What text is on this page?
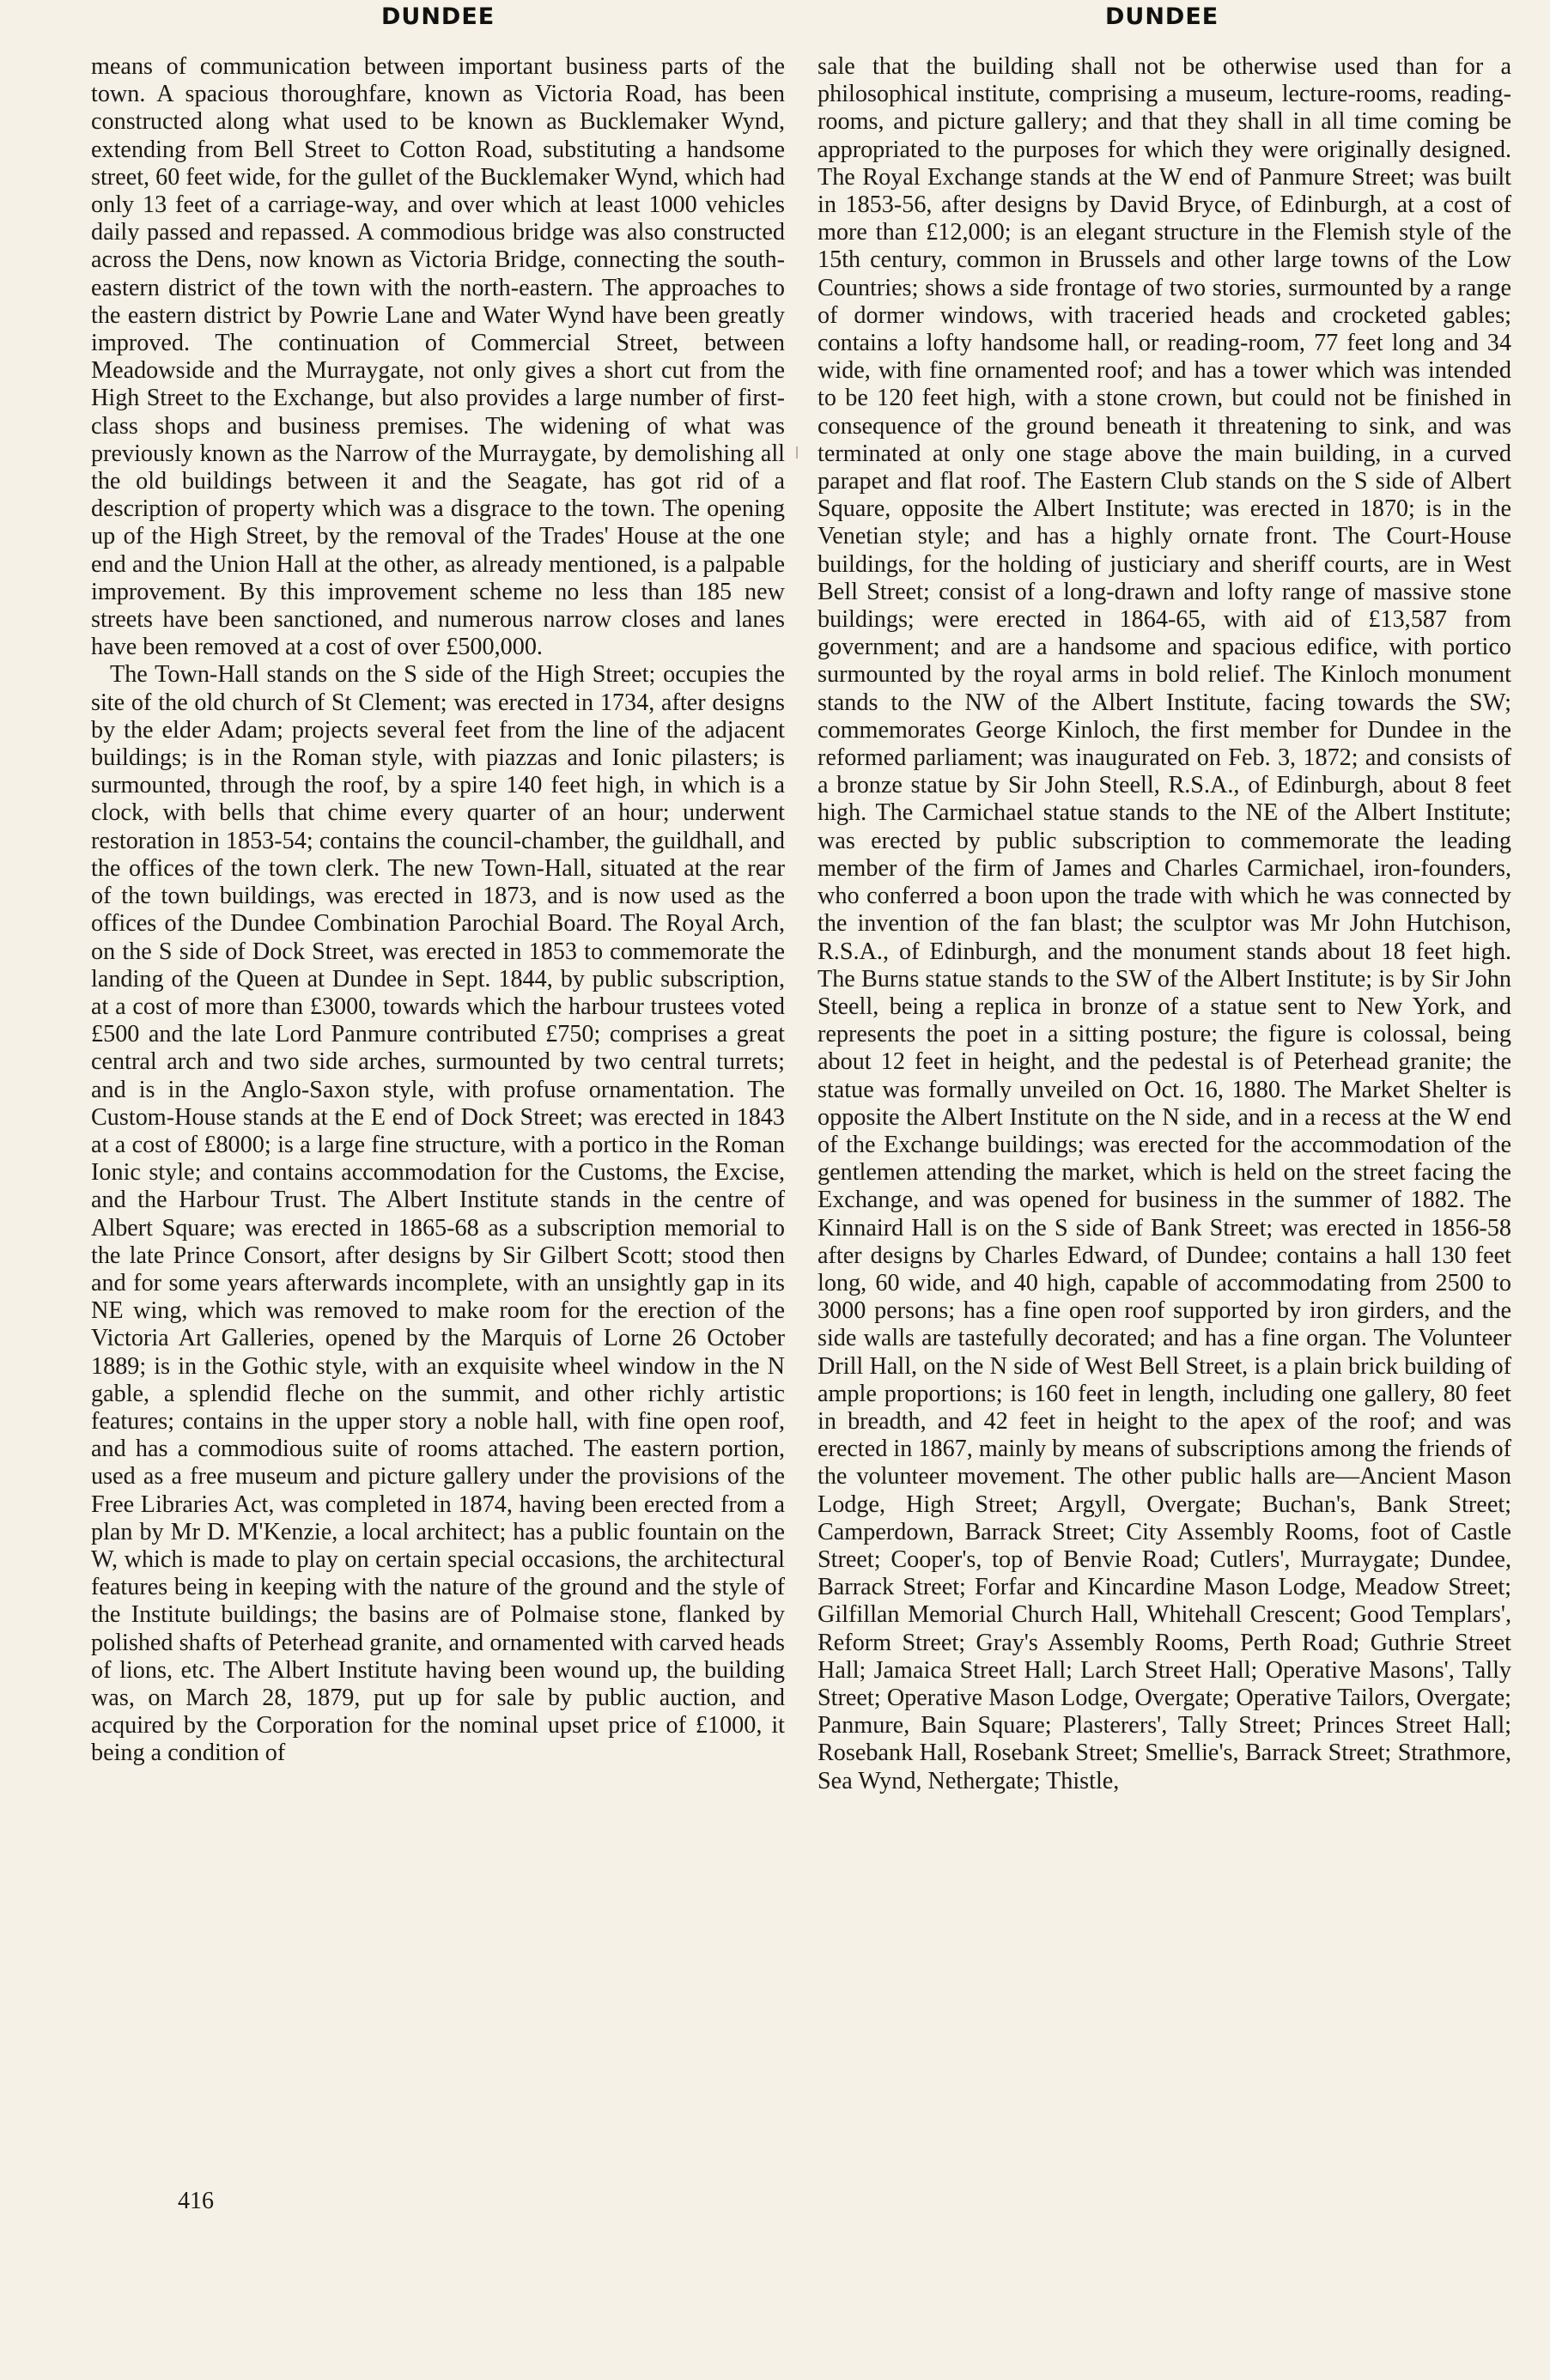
DUNDEE	DUNDEE

means of communication between important business parts of the town. A spacious thoroughfare, known as Victoria Road, has been constructed along what used to be known as Bucklemaker Wynd, extending from Bell Street to Cotton Road, substituting a handsome street, 60 feet wide, for the gullet of the Bucklemaker Wynd, which had only 13 feet of a carriage-way, and over which at least 1000 vehicles daily passed and repassed. A commodious bridge was also constructed across the Dens, now known as Victoria Bridge, connecting the south-eastern district of the town with the north-eastern. The approaches to the eastern district by Powrie Lane and Water Wynd have been greatly improved. The continuation of Commercial Street, between Meadowside and the Murraygate, not only gives a short cut from the High Street to the Exchange, but also provides a large number of first-class shops and business premises. The widening of what was previously known as the Narrow of the Murraygate, by demolishing all the old buildings between it and the Seagate, has got rid of a description of property which was a disgrace to the town. The opening up of the High Street, by the removal of the Trades' House at the one end and the Union Hall at the other, as already mentioned, is a palpable improvement. By this improvement scheme no less than 185 new streets have been sanctioned, and numerous narrow closes and lanes have been removed at a cost of over £500,000.

The Town-Hall stands on the S side of the High Street; occupies the site of the old church of St Clement; was erected in 1734, after designs by the elder Adam; projects several feet from the line of the adjacent buildings; is in the Roman style, with piazzas and Ionic pilasters; is surmounted, through the roof, by a spire 140 feet high, in which is a clock, with bells that chime every quarter of an hour; underwent restoration in 1853-54; contains the council-chamber, the guildhall, and the offices of the town clerk. The new Town-Hall, situated at the rear of the town buildings, was erected in 1873, and is now used as the offices of the Dundee Combination Parochial Board. The Royal Arch, on the S side of Dock Street, was erected in 1853 to commemorate the landing of the Queen at Dundee in Sept. 1844, by public subscription, at a cost of more than £3000, towards which the harbour trustees voted £500 and the late Lord Panmure contributed £750; comprises a great central arch and two side arches, surmounted by two central turrets; and is in the Anglo-Saxon style, with profuse ornamentation. The Custom-House stands at the E end of Dock Street; was erected in 1843 at a cost of £8000; is a large fine structure, with a portico in the Roman Ionic style; and contains accommodation for the Customs, the Excise, and the Harbour Trust. The Albert Institute stands in the centre of Albert Square; was erected in 1865-68 as a subscription memorial to the late Prince Consort, after designs by Sir Gilbert Scott; stood then and for some years afterwards incomplete, with an unsightly gap in its NE wing, which was removed to make room for the erection of the Victoria Art Galleries, opened by the Marquis of Lorne 26 October 1889; is in the Gothic style, with an exquisite wheel window in the N gable, a splendid fleche on the summit, and other richly artistic features; contains in the upper story a noble hall, with fine open roof, and has a commodious suite of rooms attached. The eastern portion, used as a free museum and picture gallery under the provisions of the Free Libraries Act, was completed in 1874, having been erected from a plan by Mr D. M'Kenzie, a local architect; has a public fountain on the W, which is made to play on certain special occasions, the architectural features being in keeping with the nature of the ground and the style of the Institute buildings; the basins are of Polmaise stone, flanked by polished shafts of Peterhead granite, and ornamented with carved heads of lions, etc. The Albert Institute having been wound up, the building was, on March 28, 1879, put up for sale by public auction, and acquired by the Corporation for the nominal upset price of £1000, it being a condition of

sale that the building shall not be otherwise used than for a philosophical institute, comprising a museum, lecture-rooms, reading-rooms, and picture gallery; and that they shall in all time coming be appropriated to the purposes for which they were originally designed. The Royal Exchange stands at the W end of Panmure Street; was built in 1853-56, after designs by David Bryce, of Edinburgh, at a cost of more than £12,000; is an elegant structure in the Flemish style of the 15th century, common in Brussels and other large towns of the Low Countries; shows a side frontage of two stories, surmounted by a range of dormer windows, with traceried heads and crocketed gables; contains a lofty handsome hall, or reading-room, 77 feet long and 34 wide, with fine ornamented roof; and has a tower which was intended to be 120 feet high, with a stone crown, but could not be finished in consequence of the ground beneath it threatening to sink, and was terminated at only one stage above the main building, in a curved parapet and flat roof. The Eastern Club stands on the S side of Albert Square, opposite the Albert Institute; was erected in 1870; is in the Venetian style; and has a highly ornate front. The Court-House buildings, for the holding of justiciary and sheriff courts, are in West Bell Street; consist of a long-drawn and lofty range of massive stone buildings; were erected in 1864-65, with aid of £13,587 from government; and are a handsome and spacious edifice, with portico surmounted by the royal arms in bold relief. The Kinloch monument stands to the NW of the Albert Institute, facing towards the SW; commemorates George Kinloch, the first member for Dundee in the reformed parliament; was inaugurated on Feb. 3, 1872; and consists of a bronze statue by Sir John Steell, R.S.A., of Edinburgh, about 8 feet high. The Carmichael statue stands to the NE of the Albert Institute; was erected by public subscription to commemorate the leading member of the firm of James and Charles Carmichael, iron-founders, who conferred a boon upon the trade with which he was connected by the invention of the fan blast; the sculptor was Mr John Hutchison, R.S.A., of Edinburgh, and the monument stands about 18 feet high. The Burns statue stands to the SW of the Albert Institute; is by Sir John Steell, being a replica in bronze of a statue sent to New York, and represents the poet in a sitting posture; the figure is colossal, being about 12 feet in height, and the pedestal is of Peterhead granite; the statue was formally unveiled on Oct. 16, 1880. The Market Shelter is opposite the Albert Institute on the N side, and in a recess at the W end of the Exchange buildings; was erected for the accommodation of the gentlemen attending the market, which is held on the street facing the Exchange, and was opened for business in the summer of 1882. The Kinnaird Hall is on the S side of Bank Street; was erected in 1856-58 after designs by Charles Edward, of Dundee; contains a hall 130 feet long, 60 wide, and 40 high, capable of accommodating from 2500 to 3000 persons; has a fine open roof supported by iron girders, and the side walls are tastefully decorated; and has a fine organ. The Volunteer Drill Hall, on the N side of West Bell Street, is a plain brick building of ample proportions; is 160 feet in length, including one gallery, 80 feet in breadth, and 42 feet in height to the apex of the roof; and was erected in 1867, mainly by means of subscriptions among the friends of the volunteer movement. The other public halls are—Ancient Mason Lodge, High Street; Argyll, Overgate; Buchan's, Bank Street; Camperdown, Barrack Street; City Assembly Rooms, foot of Castle Street; Cooper's, top of Benvie Road; Cutlers', Murraygate; Dundee, Barrack Street; Forfar and Kincardine Mason Lodge, Meadow Street; Gilfillan Memorial Church Hall, Whitehall Crescent; Good Templars', Reform Street; Gray's Assembly Rooms, Perth Road; Guthrie Street Hall; Jamaica Street Hall; Larch Street Hall; Operative Masons', Tally Street; Operative Mason Lodge, Overgate; Operative Tailors, Overgate; Panmure, Bain Square; Plasterers', Tally Street; Princes Street Hall; Rosebank Hall, Rosebank Street; Smellie's, Barrack Street; Strathmore, Sea Wynd, Nethergate; Thistle,

416
